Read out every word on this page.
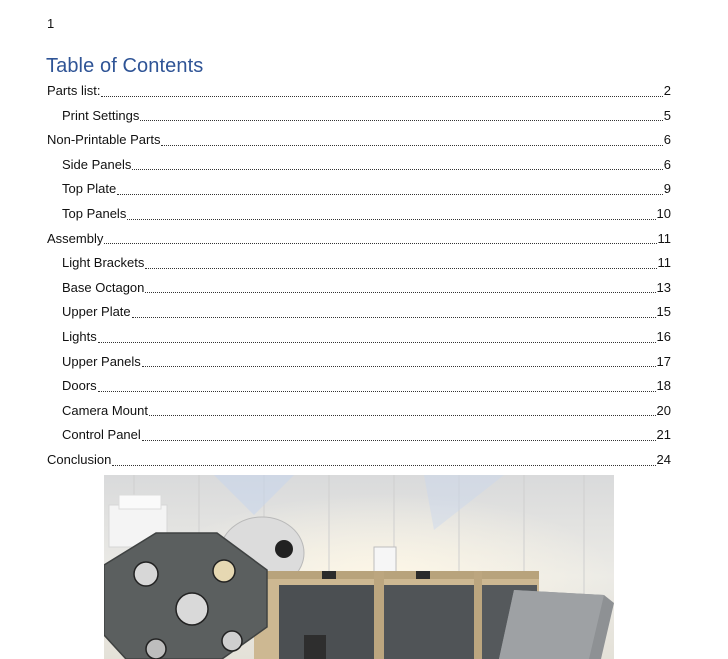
1
Table of Contents
Parts list:	2
Print Settings	5
Non-Printable Parts	6
Side Panels	6
Top Plate	9
Top Panels	10
Assembly	11
Light Brackets	11
Base Octagon	13
Upper Plate	15
Lights	16
Upper Panels	17
Doors	18
Camera Mount	20
Control Panel	21
Conclusion	24
